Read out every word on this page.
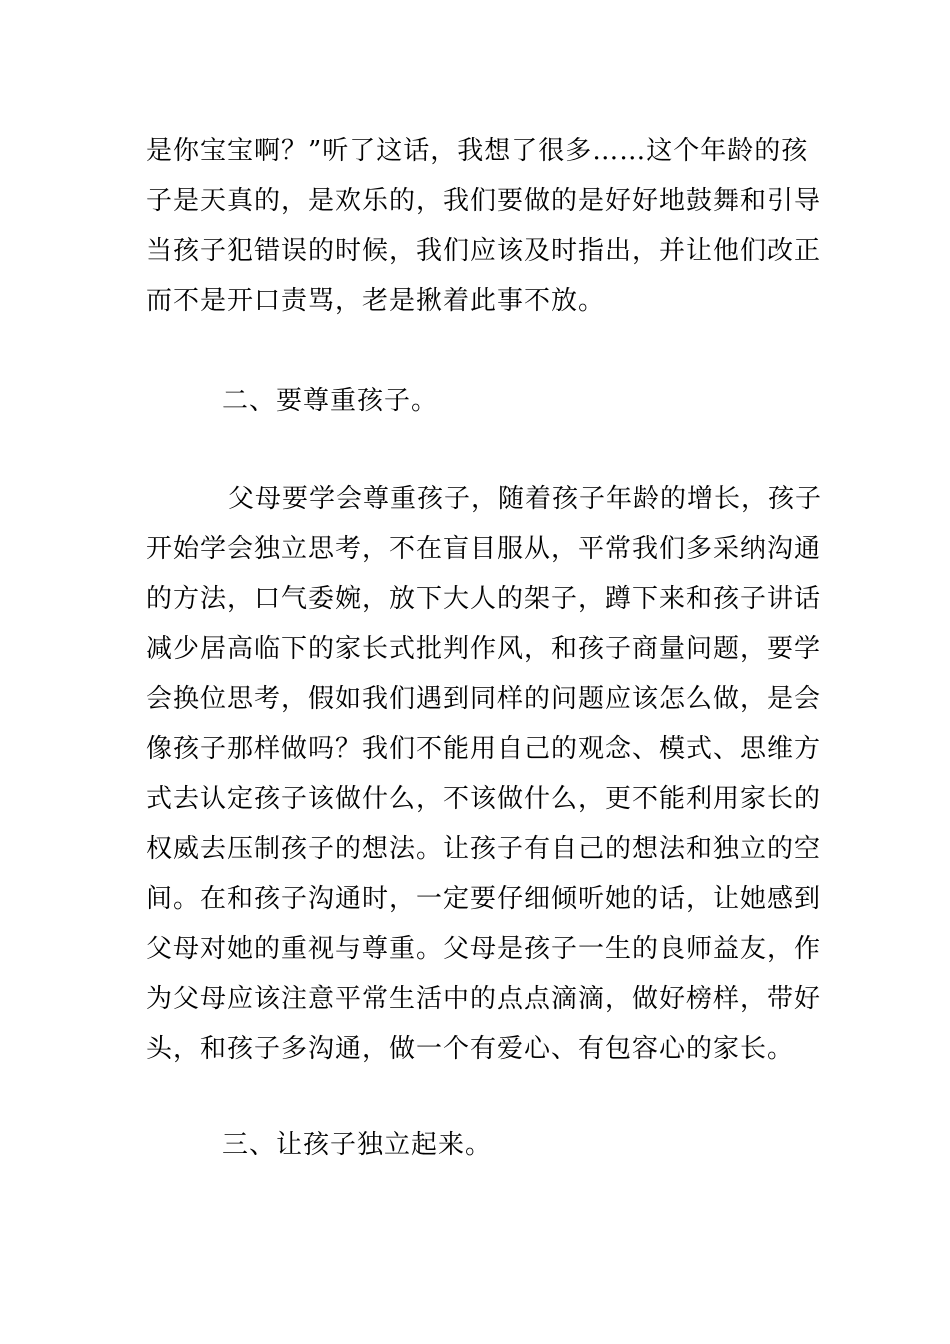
是你宝宝啊？”听了这话，我想了很多……这个年龄的孩
子是天真的，是欢乐的，我们要做的是好好地鼓舞和引导
当孩子犯错误的时候，我们应该及时指出，并让他们改正
而不是开口责骂，老是揪着此事不放。
二、要尊重孩子。
父母要学会尊重孩子，随着孩子年龄的增长，孩子
开始学会独立思考，不在盲目服从，平常我们多采纳沟通
的方法，口气委婉，放下大人的架子，蹲下来和孩子讲话
减少居高临下的家长式批判作风，和孩子商量问题，要学
会换位思考，假如我们遇到同样的问题应该怎么做，是会
像孩子那样做吗？我们不能用自己的观念、模式、思维方
式去认定孩子该做什么，不该做什么，更不能利用家长的
权威去压制孩子的想法。让孩子有自己的想法和独立的空
间。在和孩子沟通时，一定要仔细倾听她的话，让她感到
父母对她的重视与尊重。父母是孩子一生的良师益友，作
为父母应该注意平常生活中的点点滴滴，做好榜样，带好
头，和孩子多沟通，做一个有爱心、有包容心的家长。
三、让孩子独立起来。
